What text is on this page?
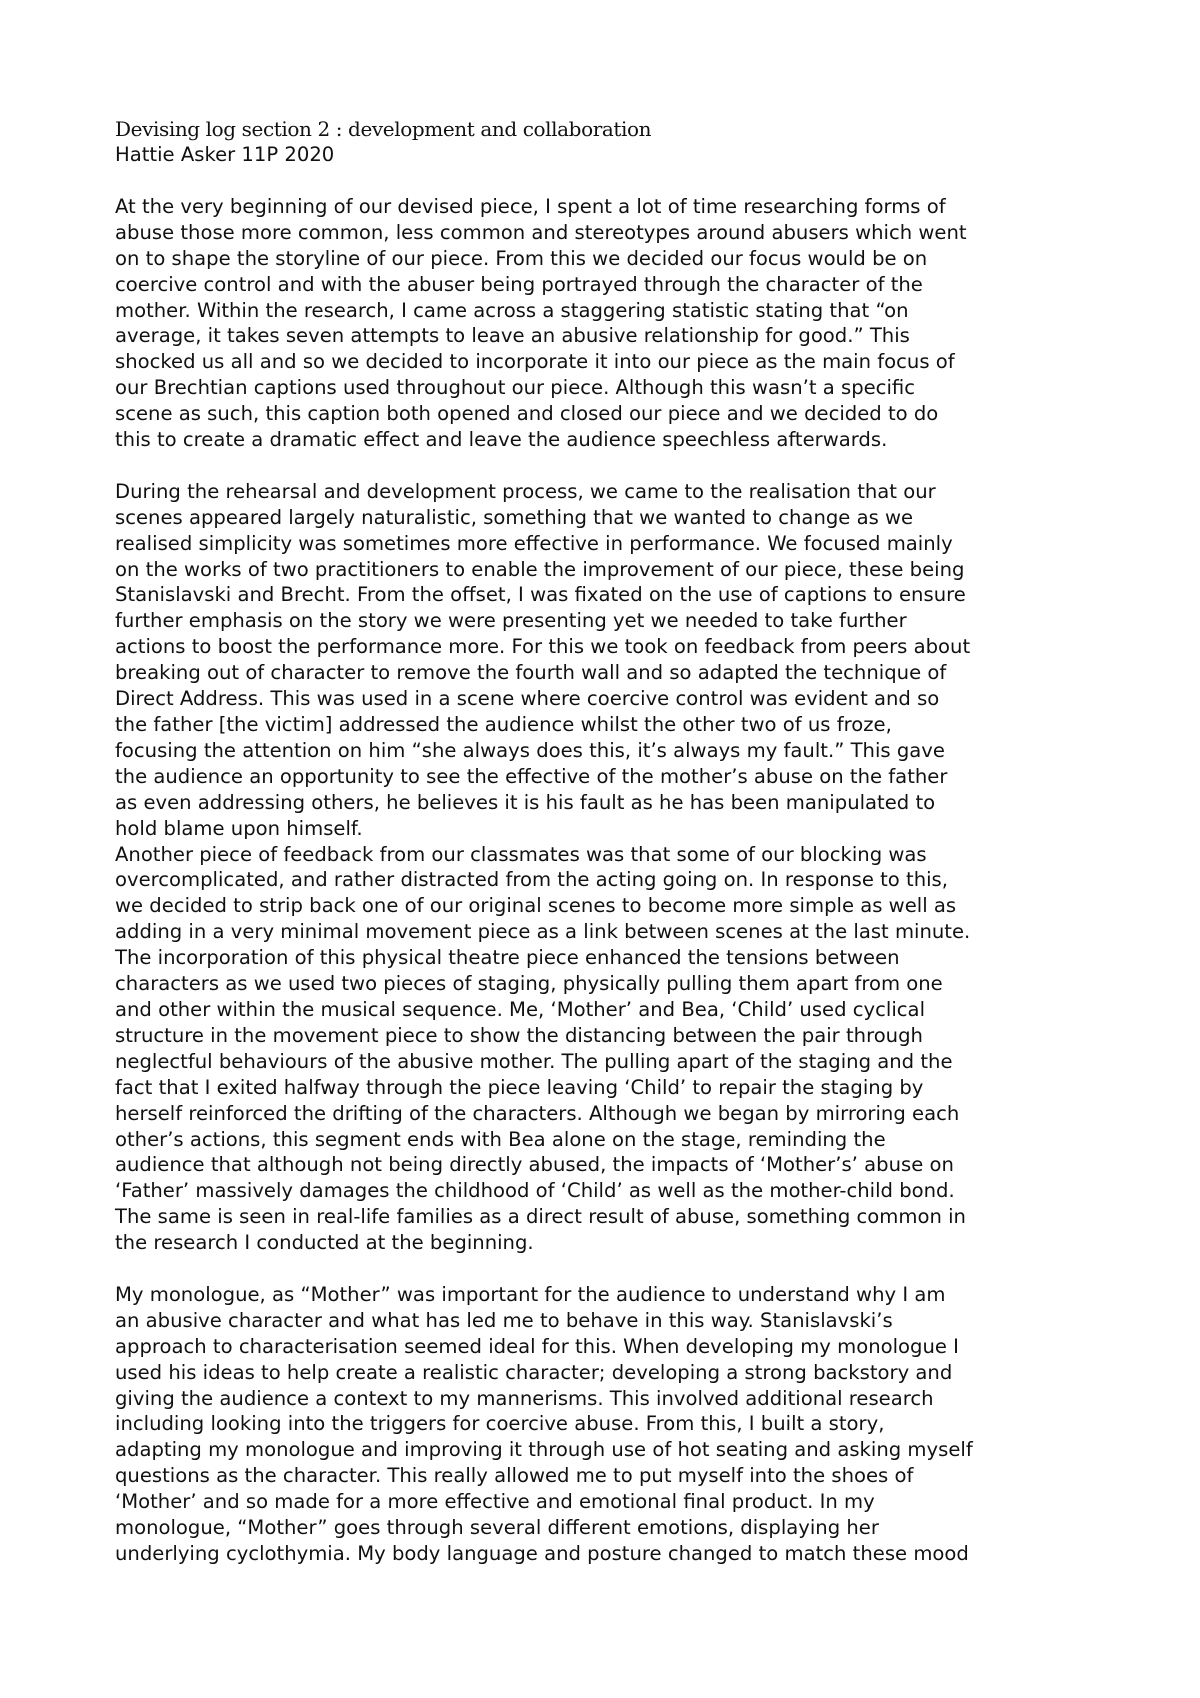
Devising log section 2 : development and collaboration

Hattie Asker 11P 2020

At the very beginning of our devised piece, I spent a lot of time researching forms of
abuse those more common, less common and stereotypes around abusers which went
on to shape the storyline of our piece. From this we decided our focus would be on
coercive control and with the abuser being portrayed through the character of the
mother. Within the research, I came across a staggering statistic stating that “on
average, it takes seven attempts to leave an abusive relationship for good.” This
shocked us all and so we decided to incorporate it into our piece as the main focus of
our Brechtian captions used throughout our piece. Although this wasn’t a specific
scene as such, this caption both opened and closed our piece and we decided to do
this to create a dramatic effect and leave the audience speechless afterwards.

During the rehearsal and development process, we came to the realisation that our
scenes appeared largely naturalistic, something that we wanted to change as we
realised simplicity was sometimes more effective in performance. We focused mainly
on the works of two practitioners to enable the improvement of our piece, these being
Stanislavski and Brecht. From the offset, I was fixated on the use of captions to ensure
further emphasis on the story we were presenting yet we needed to take further
actions to boost the performance more. For this we took on feedback from peers about
breaking out of character to remove the fourth wall and so adapted the technique of
Direct Address. This was used in a scene where coercive control was evident and so
the father [the victim] addressed the audience whilst the other two of us froze,
focusing the attention on him “she always does this, it’s always my fault.” This gave
the audience an opportunity to see the effective of the mother’s abuse on the father
as even addressing others, he believes it is his fault as he has been manipulated to
hold blame upon himself.

Another piece of feedback from our classmates was that some of our blocking was
overcomplicated, and rather distracted from the acting going on. In response to this,
we decided to strip back one of our original scenes to become more simple as well as
adding in a very minimal movement piece as a link between scenes at the last minute.
The incorporation of this physical theatre piece enhanced the tensions between
characters as we used two pieces of staging, physically pulling them apart from one
and other within the musical sequence. Me, ‘Mother’ and Bea, ‘Child’ used cyclical
structure in the movement piece to show the distancing between the pair through
neglectful behaviours of the abusive mother. The pulling apart of the staging and the
fact that I exited halfway through the piece leaving ‘Child’ to repair the staging by
herself reinforced the drifting of the characters. Although we began by mirroring each
other’s actions, this segment ends with Bea alone on the stage, reminding the
audience that although not being directly abused, the impacts of ‘Mother’s’ abuse on
‘Father’ massively damages the childhood of ‘Child’ as well as the mother-child bond.
The same is seen in real-life families as a direct result of abuse, something common in
the research I conducted at the beginning.

My monologue, as “Mother” was important for the audience to understand why I am
an abusive character and what has led me to behave in this way. Stanislavski’s
approach to characterisation seemed ideal for this. When developing my monologue I
used his ideas to help create a realistic character; developing a strong backstory and
giving the audience a context to my mannerisms. This involved additional research
including looking into the triggers for coercive abuse. From this, I built a story,
adapting my monologue and improving it through use of hot seating and asking myself
questions as the character. This really allowed me to put myself into the shoes of
‘Mother’ and so made for a more effective and emotional final product. In my
monologue, “Mother” goes through several different emotions, displaying her
underlying cyclothymia. My body language and posture changed to match these mood
